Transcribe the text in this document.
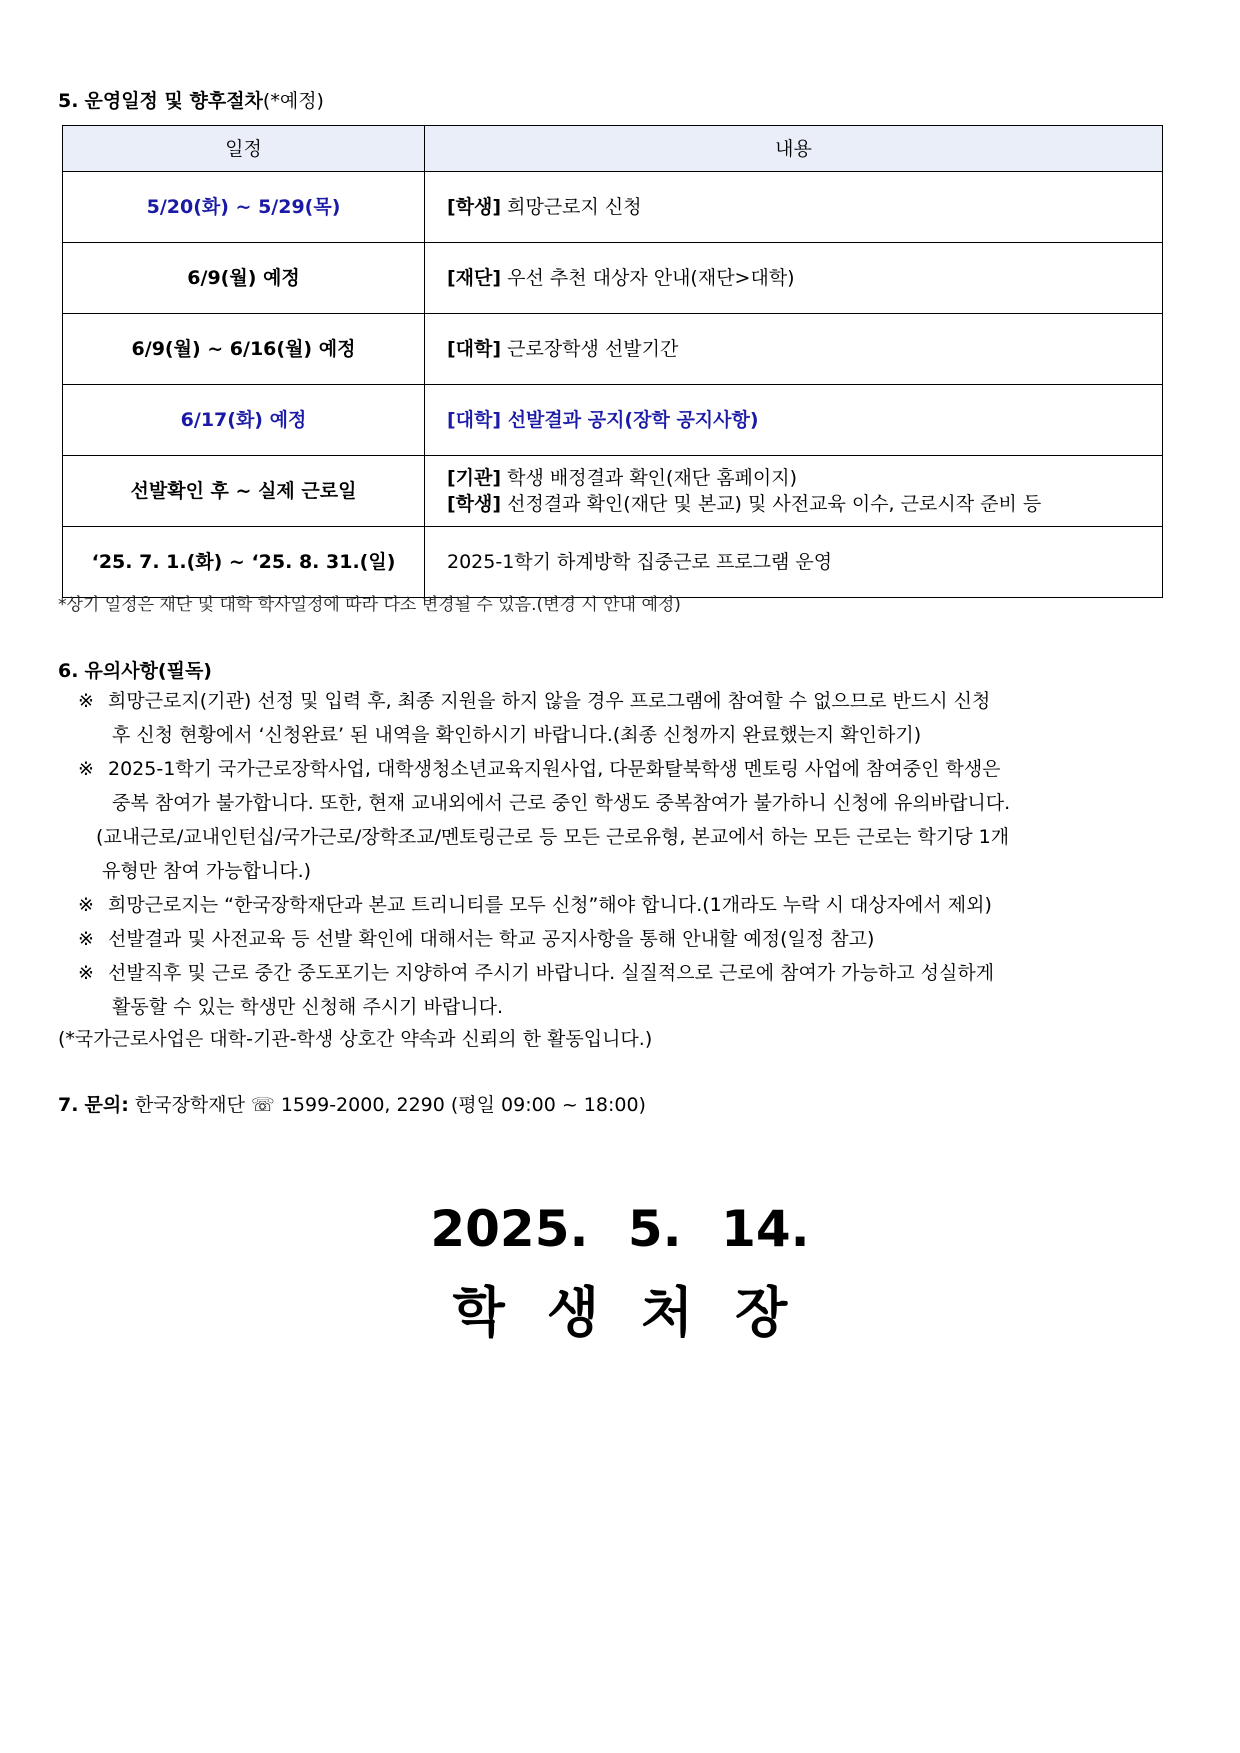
5. 운영일정 및 향후절차(*예정)
일정	내용
5/20(화) ~ 5/29(목)	[학생] 희망근로지 신청
6/9(월) 예정	[재단] 우선 추천 대상자 안내(재단>대학)
6/9(월) ~ 6/16(월) 예정	[대학] 근로장학생 선발기간
6/17(화) 예정	[대학] 선발결과 공지(장학 공지사항)
선발확인 후 ~ 실제 근로일	[기관] 학생 배정결과 확인(재단 홈페이지)
[학생] 선정결과 확인(재단 및 본교) 및 사전교육 이수, 근로시작 준비 등

‘25. 7. 1.(화) ~ ‘25. 8. 31.(일)	2025-1학기 하계방학 집중근로 프로그램 운영
*상기 일정은 재단 및 대학 학사일정에 따라 다소 변경될 수 있음.(변경 시 안내 예정)
6. 유의사항(필독)
※ 희망근로지(기관) 선정 및 입력 후, 최종 지원을 하지 않을 경우 프로그램에 참여할 수 없으므로 반드시 신청
후 신청 현황에서 ‘신청완료’ 된 내역을 확인하시기 바랍니다.(최종 신청까지 완료했는지 확인하기)
※ 2025-1학기 국가근로장학사업, 대학생청소년교육지원사업, 다문화탈북학생 멘토링 사업에 참여중인 학생은
중복 참여가 불가합니다. 또한, 현재 교내외에서 근로 중인 학생도 중복참여가 불가하니 신청에 유의바랍니다.
(교내근로/교내인턴십/국가근로/장학조교/멘토링근로 등 모든 근로유형, 본교에서 하는 모든 근로는 학기당 1개
유형만 참여 가능합니다.)
※ 희망근로지는 “한국장학재단과 본교 트리니티를 모두 신청”해야 합니다.(1개라도 누락 시 대상자에서 제외)
※ 선발결과 및 사전교육 등 선발 확인에 대해서는 학교 공지사항을 통해 안내할 예정(일정 참고)
※ 선발직후 및 근로 중간 중도포기는 지양하여 주시기 바랍니다. 실질적으로 근로에 참여가 가능하고 성실하게
활동할 수 있는 학생만 신청해 주시기 바랍니다.
(*국가근로사업은 대학-기관-학생 상호간 약속과 신뢰의 한 활동입니다.)
7. 문의: 한국장학재단 ☏ 1599-2000, 2290 (평일 09:00 ~ 18:00)
2025. 5. 14.
학생처장
